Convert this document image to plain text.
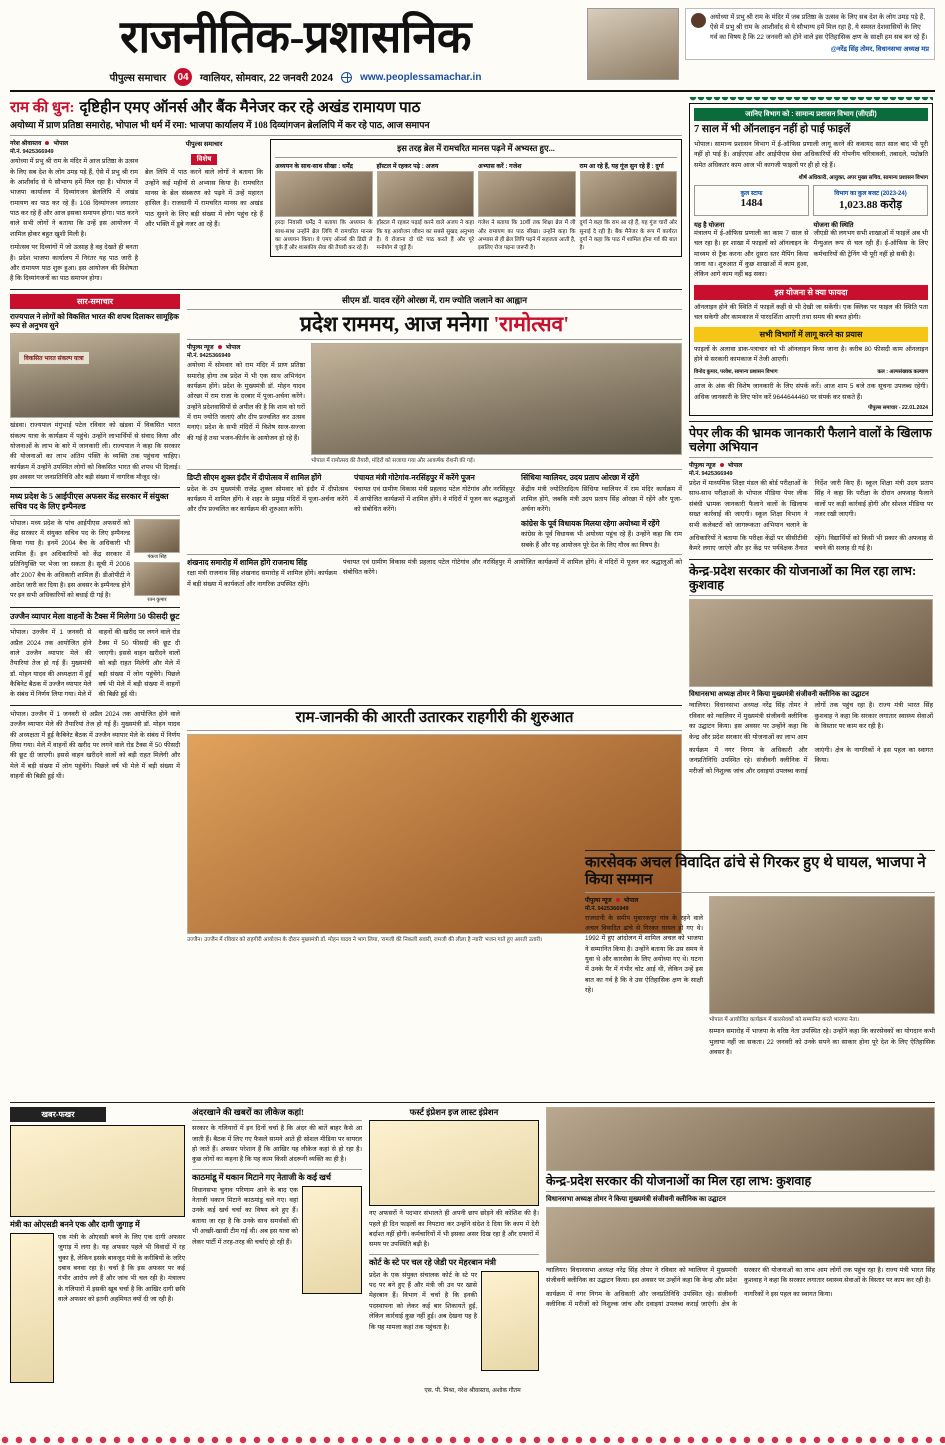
राजनीतिक-प्रशासनिक
पीपुल्स समाचार	04	ग्वालियर, सोमवार, 22 जनवरी 2024	www.peoplessamachar.in
अयोध्या में प्रभु श्री राम के मंदिर में जब प्रतिष्ठा के उत्सव के लिए सब देश के लोग उमड़ पड़े हैं, ऐसे में प्रभु श्री राम के आशीर्वाद से ये सौभाग्य हमें मिल रहा है, ये समस्त देशवासियों के लिए गर्व का विषय है कि 22 जनवरी को होने वाले इस ऐतिहासिक क्षण के साक्षी हम सब बन रहे हैं।
@नरेंद्र सिंह तोमर, विधानसभा अध्यक्ष मप्र
राम की धुन: दृष्टिहीन एमए ऑनर्स और बैंक मैनेजर कर रहे अखंड रामायण पाठ
अयोध्या में प्राण प्रतिष्ठा समारोह, भोपाल भी धर्म में रमा: भाजपा कार्यालय में 108 दिव्यांगजन ब्रेललिपि में कर रहे पाठ, आज समापन
नरेश श्रीवास्तव भोपाल
मो.नं. 9425366949
अयोध्या में प्रभु श्री राम के मंदिर में आज प्रतिष्ठा के उत्सव के लिए सब देश के लोग उमड़ पड़े हैं, ऐसे में प्रभु श्री राम के आशीर्वाद से ये सौभाग्य हमें मिल रहा है। भोपाल में भाजपा कार्यालय में दिव्यांगजन ब्रेललिपि में अखंड रामायण का पाठ कर रहे हैं। 108 दिव्यांगजन लगातार पाठ कर रहे हैं और आज इसका समापन होगा। पाठ करने वाले सभी लोगों ने बताया कि उन्हें इस आयोजन में शामिल होकर बहुत खुशी मिली है।
रामोत्सव पर दिव्यांगों में जो उत्साह है वह देखते ही बनता है। प्रदेश भाजपा कार्यालय में निरंतर यह पाठ जारी है और रामायण पाठ शुरू हुआ। इस आयोजन की विशेषता है कि दिव्यांगजनों का पाठ समापन होगा।
पीपुल्स समाचार
विशेष
ब्रेल लिपि में पाठ करने वाले लोगों ने बताया कि उन्होंने कई महीनों से अभ्यास किया है। रामचरित मानस के ब्रेल संस्करण को पढ़ने में उन्हें महारत हासिल है। राजधानी में रामचरित मानस का अखंड पाठ सुनने के लिए बड़ी संख्या में लोग पहुंच रहे हैं और भक्ति में डूबे नजर आ रहे हैं।
इस तरह ब्रेल में रामचरित मानस पढ़ने में अभ्यस्त हुए...
अध्ययन के साथ-साथ सीखा : धर्मेंद्र
हरदा निवासी धर्मेंद्र ने बताया कि अध्ययन के साथ-साथ उन्होंने ब्रेल लिपि में रामचरित मानस का अध्ययन किया। वे एमए ऑनर्स की डिग्री ले चुके हैं और शासकीय सेवा की तैयारी कर रहे हैं।
हॉस्टल में रहकर पढ़े : अजय
हॉस्टल में रहकर पढ़ाई करने वाले अजय ने कहा कि यह आयोजन जीवन का सबसे सुखद अनुभव है। वे रोजाना दो घंटे पाठ करते हैं और पूरे मनोयोग से जुड़े हैं।
अभ्यास करें : गजेश
गजेश ने बताया कि 10वीं तक शिक्षा ब्रेल में ली और रामायण का पाठ सीखा। उन्होंने कहा कि अभ्यास से ही ब्रेल लिपि पढ़ने में सहजता आती है, इसलिए रोज पढ़ना जरूरी है।
राम आ रहे हैं, यह गूंज सुन रहे हैं : दुर्गा
दुर्गा ने कहा कि राम आ रहे हैं, यह गूंज चारों ओर सुनाई दे रही है। बैंक मैनेजर के रूप में कार्यरत दुर्गा ने कहा कि पाठ में शामिल होना गर्व की बात है।
सार-समाचार
राज्यपाल ने लोगों को विकसित भारत की शपथ दिलाकर सामूहिक रूप से अनुभव सुने
विकसित भारत संकल्प यात्रा
खंडवा। राज्यपाल मंगुभाई पटेल रविवार को खंडवा में विकसित भारत संकल्प यात्रा के कार्यक्रम में पहुंचे। उन्होंने लाभार्थियों से संवाद किया और योजनाओं के लाभ के बारे में जानकारी ली। राज्यपाल ने कहा कि सरकार की योजनाओं का लाभ अंतिम पंक्ति के व्यक्ति तक पहुंचना चाहिए। कार्यक्रम में उन्होंने उपस्थित लोगों को विकसित भारत की शपथ भी दिलाई। इस अवसर पर जनप्रतिनिधि और बड़ी संख्या में नागरिक मौजूद रहे।
मध्य प्रदेश के 5 आईपीएस अफसर केंद्र सरकार में संयुक्त सचिव पद के लिए इम्पैनल्ड
भोपाल। मध्य प्रदेश के पांच आईपीएस अफसरों को केंद्र सरकार में संयुक्त सचिव पद के लिए इम्पैनल्ड किया गया है। इनमें 2004 बैच के अधिकारी भी शामिल हैं। इन अधिकारियों को केंद्र सरकार में प्रतिनियुक्ति पर भेजा जा सकता है। सूची में 2006 और 2007 बैच के अधिकारी शामिल हैं। डीओपीटी ने आदेश जारी कर दिया है। इस अवसर के इम्पैनल्ड होने पर इन सभी अधिकारियों को बधाई दी गई है।
पंकज सिंह
रतन कुमार
उज्जैन व्यापार मेला वाहनों के टैक्स में मिलेगा 50 फीसदी छूट
भोपाल। उज्जैन में 1 जनवरी से अप्रैल 2024 तक आयोजित होने वाले उज्जैन व्यापार मेले की तैयारियां तेज हो गई हैं। मुख्यमंत्री डॉ. मोहन यादव की अध्यक्षता में हुई कैबिनेट बैठक में उज्जैन व्यापार मेले के संबंध में निर्णय लिया गया। मेले में वाहनों की खरीद पर लगने वाले रोड टैक्स में 50 फीसदी की छूट दी जाएगी। इससे वाहन खरीदने वालों को बड़ी राहत मिलेगी और मेले में बड़ी संख्या में लोग पहुंचेंगे। पिछले वर्ष भी मेले में बड़ी संख्या में वाहनों की बिक्री हुई थी।
सीएम डॉ. यादव रहेंगे ओरछा में, राम ज्योति जलाने का आह्वान
प्रदेश राममय, आज मनेगा 'रामोत्सव'
पीपुल्स न्यूज भोपाल
मो.नं. 9425366949
अयोध्या में सोमवार को राम मंदिर में प्राण प्रतिष्ठा समारोह होगा तब प्रदेश में भी एक साथ अभिनंदन कार्यक्रम होंगे। प्रदेश के मुख्यमंत्री डॉ. मोहन यादव ओरछा में राम राजा के दरबार में पूजा-अर्चना करेंगे। उन्होंने प्रदेशवासियों से अपील की है कि शाम को घरों में राम ज्योति जलाएं और दीप प्रज्वलित कर उत्सव मनाएं। प्रदेश के सभी मंदिरों में विशेष साज-सज्जा की गई है तथा भजन-कीर्तन के आयोजन हो रहे हैं।
भोपाल में रामोत्सव की तैयारी, मंदिरों को सजाया गया और आकर्षक रोशनी की गई।
डिप्टी सीएम शुक्ल इंदौर में दीपोत्सव में शामिल होंगे
प्रदेश के उप मुख्यमंत्री राजेंद्र शुक्ल सोमवार को इंदौर में दीपोत्सव कार्यक्रम में शामिल होंगे। वे शहर के प्रमुख मंदिरों में पूजा-अर्चना करेंगे और दीप प्रज्वलित कर कार्यक्रम की शुरुआत करेंगे।
पंचायत मंत्री गोटेगांव-नरसिंहपुर में करेंगे पूजन
पंचायत एवं ग्रामीण विकास मंत्री प्रहलाद पटेल गोटेगांव और नरसिंहपुर में आयोजित कार्यक्रमों में शामिल होंगे। वे मंदिरों में पूजन कर श्रद्धालुओं को संबोधित करेंगे।
सिंधिया ग्वालियर, उदय प्रताप ओरछा में रहेंगे
केंद्रीय मंत्री ज्योतिरादित्य सिंधिया ग्वालियर में राम मंदिर कार्यक्रम में शामिल होंगे, जबकि मंत्री उदय प्रताप सिंह ओरछा में रहेंगे और पूजा-अर्चना करेंगे।
कांग्रेस के पूर्व विधायक मिलया रहेगा अयोध्या में रहेंगे
कांग्रेस के पूर्व विधायक भी अयोध्या पहुंच रहे हैं। उन्होंने कहा कि राम सबके हैं और यह आयोजन पूरे देश के लिए गौरव का विषय है।
शंखनाद समारोह में शामिल होंगे राजनाथ सिंह
रक्षा मंत्री राजनाथ सिंह शंखनाद समारोह में शामिल होंगे। कार्यक्रम में बड़ी संख्या में कार्यकर्ता और नागरिक उपस्थित रहेंगे।
पंचायत एवं ग्रामीण विकास मंत्री प्रहलाद पटेल गोटेगांव और नरसिंहपुर में आयोजित कार्यक्रमों में शामिल होंगे। वे मंदिरों में पूजन कर श्रद्धालुओं को संबोधित करेंगे।
भोपाल। उज्जैन में 1 जनवरी से अप्रैल 2024 तक आयोजित होने वाले उज्जैन व्यापार मेले की तैयारियां तेज हो गई हैं। मुख्यमंत्री डॉ. मोहन यादव की अध्यक्षता में हुई कैबिनेट बैठक में उज्जैन व्यापार मेले के संबंध में निर्णय लिया गया। मेले में वाहनों की खरीद पर लगने वाले रोड टैक्स में 50 फीसदी की छूट दी जाएगी। इससे वाहन खरीदने वालों को बड़ी राहत मिलेगी और मेले में बड़ी संख्या में लोग पहुंचेंगे। पिछले वर्ष भी मेले में बड़ी संख्या में वाहनों की बिक्री हुई थी।
राम-जानकी की आरती उतारकर राहगीरी की शुरुआत
उज्जैन। उज्जैन में रविवार को राहगीरी आयोजन के दौरान मुख्यमंत्री डॉ. मोहन यादव ने भाग लिया, 'रामजी की निकली सवारी, रामजी की लीला है न्यारी' भजन गाते हुए आरती उतारी।
जानिए विभाग को : सामान्य प्रशासन विभाग (जीएडी)
7 साल में भी ऑनलाइन नहीं हो पाई फाइलें
भोपाल। सामान्य प्रशासन विभाग में ई-ऑफिस प्रणाली लागू करने की कवायद सात साल बाद भी पूरी नहीं हो पाई है। आईएएस और आईपीएस सेवा अधिकारियों की गोपनीय चरित्रावली, तबादले, पदोन्नति समेत अधिकतर काम आज भी कागजी फाइलों पर ही हो रहे हैं।
शीर्ष अधिकारी, आयुक्त, अपर मुख्य सचिव, सामान्य प्रशासन विभाग
कुल स्टाफ
1484
विभाग का कुल बजट (2023-24)
1,023.88 करोड़
यह है योजना
मंत्रालय में ई-ऑफिस प्रणाली का काम 7 साल से चल रहा है। हर शाखा में फाइलों को ऑनलाइन के माध्यम से ट्रैक करना और दूसरा स्तर मैपिंग किया जाना था। शुरुआत में कुछ शाखाओं में काम हुआ, लेकिन आगे काम नहीं बढ़ सका।
योजना की स्थिति
जीएडी की लगभग सभी शाखाओं में फाइलें अब भी मैन्युअल रूप से चल रही हैं। ई-ऑफिस के लिए कर्मचारियों की ट्रेनिंग भी पूरी नहीं हो सकी है।
इस योजना से क्या फायदा
ऑनलाइन होने की स्थिति में फाइलें कहीं से भी देखी जा सकेंगी। एक क्लिक पर फाइल की स्थिति पता चल सकेगी और कामकाज में पारदर्शिता आएगी तथा समय की बचत होगी।
सभी विभागों में लागू करने का प्रयास
फाइलों के अलावा डाक-पत्राचार को भी ऑनलाइन किया जाना है। करीब 80 फीसदी काम ऑनलाइन होने से सरकारी कामकाज में तेजी आएगी।
विनोद कुमार, परवेश, सामान्य प्रशासन विभाग	कल : अल्पसंख्यक कल्याण
आज के अंक की विशेष जानकारी के लिए संपर्क करें। आज शाम 5 बजे तक सूचना उपलब्ध रहेगी। अधिक जानकारी के लिए फोन करें 9644644460 पर संपर्क कर सकते हैं।
पीपुल्स समाचार - 22.01.2024
पेपर लीक की भ्रामक जानकारी फैलाने वालों के खिलाफ चलेगा अभियान
पीपुल्स न्यूज भोपाल
मो.नं. 9425366949
प्रदेश में माध्यमिक शिक्षा मंडल की बोर्ड परीक्षाओं के साथ-साथ परीक्षाओं के भोपाल मीडिया पेपर लीक संबंधी भ्रामक जानकारी फैलाने वालों के खिलाफ सख्त कार्रवाई की जाएगी। स्कूल शिक्षा विभाग ने सभी कलेक्टरों को जागरूकता अभियान चलाने के निर्देश जारी किए हैं। स्कूल शिक्षा मंत्री उदय प्रताप सिंह ने कहा कि परीक्षा के दौरान अफवाह फैलाने वालों पर कड़ी कार्रवाई होगी और सोशल मीडिया पर नजर रखी जाएगी।
अधिकारियों ने बताया कि परीक्षा केंद्रों पर सीसीटीवी कैमरे लगाए जाएंगे और हर केंद्र पर पर्यवेक्षक तैनात रहेंगे। विद्यार्थियों को किसी भी प्रकार की अफवाह से बचने की सलाह दी गई है।
केन्द्र-प्रदेश सरकार की योजनाओं का मिल रहा लाभ: कुशवाह
विधानसभा अध्यक्ष तोमर ने किया मुख्यमंत्री संजीवनी क्लीनिक का उद्घाटन
ग्वालियर। विधानसभा अध्यक्ष नरेंद्र सिंह तोमर ने रविवार को ग्वालियर में मुख्यमंत्री संजीवनी क्लीनिक का उद्घाटन किया। इस अवसर पर उन्होंने कहा कि केन्द्र और प्रदेश सरकार की योजनाओं का लाभ आम लोगों तक पहुंच रहा है। राज्य मंत्री भारत सिंह कुशवाह ने कहा कि सरकार लगातार स्वास्थ्य सेवाओं के विस्तार पर काम कर रही है।
कार्यक्रम में नगर निगम के अधिकारी और जनप्रतिनिधि उपस्थित रहे। संजीवनी क्लीनिक में मरीजों को निशुल्क जांच और दवाइयां उपलब्ध कराई जाएंगी। क्षेत्र के नागरिकों ने इस पहल का स्वागत किया।
कारसेवक अचल विवादित ढांचे से गिरकर हुए थे घायल, भाजपा ने किया सम्मान
पीपुल्स न्यूज भोपाल
मो.नं. 9425366949
राजधानी के समीप मुबारकपुर गांव के रहने वाले अचल विवादित ढांचे से गिरकर घायल हो गए थे। 1992 में हुए आंदोलन में शामिल अचल को भाजपा ने सम्मानित किया है। उन्होंने बताया कि उस समय वे युवा थे और कारसेवा के लिए अयोध्या गए थे। घटना में उनके पैर में गंभीर चोट आई थी, लेकिन उन्हें इस बात का गर्व है कि वे उस ऐतिहासिक क्षण के साक्षी रहे।
भोपाल में आयोजित कार्यक्रम में कारसेवकों को सम्मानित करते भाजपा नेता।
सम्मान समारोह में भाजपा के वरिष्ठ नेता उपस्थित रहे। उन्होंने कहा कि कारसेवकों का योगदान कभी भुलाया नहीं जा सकता। 22 जनवरी को उनके सपने का साकार होना पूरे देश के लिए ऐतिहासिक अवसर है।
खबर-फखर
मंत्री का ओएसडी बनने एक और दागी जुगाड़ में
एक मंत्री के ओएसडी बनने के लिए एक दागी अफसर जुगाड़ में लगा है। यह अफसर पहले भी विवादों में रह चुका है, लेकिन इसके बावजूद मंत्री के करीबियों के जरिए दबाव बनवा रहा है। चर्चा है कि इस अफसर पर कई गंभीर आरोप लगे हैं और जांच भी चल रही है। मंत्रालय के गलियारों में इसकी खूब चर्चा है कि आखिर दागी छवि वाले अफसर को इतनी अहमियत क्यों दी जा रही है।
अंदरखाने की खबरों का लीकेज कहां!
सरकार के गलियारों में इन दिनों चर्चा है कि अंदर की बातें बाहर कैसे आ जाती हैं। बैठक में लिए गए फैसले सामने आते ही सोशल मीडिया पर वायरल हो जाते हैं। अफसर परेशान हैं कि आखिर यह लीकेज कहां से हो रहा है। कुछ लोगों का कहना है कि यह काम किसी अंदरूनी व्यक्ति का ही है।
काठमांडू में थकान मिटाने गए नेताजी के कई खर्च
विधानसभा चुनाव परिणाम आने के बाद एक नेताजी थकान मिटाने काठमांडू चले गए। वहां उनके कई खर्च चर्चा का विषय बने हुए हैं। बताया जा रहा है कि उनके साथ समर्थकों की भी अच्छी-खासी टीम गई थी। अब इस यात्रा को लेकर पार्टी में तरह-तरह की चर्चाएं हो रही हैं।
फर्स्ट इंप्रेशन इज लास्ट इंप्रेशन
नए अफसरों ने पदभार संभालते ही अपनी छाप छोड़ने की कोशिश की है। पहले ही दिन फाइलों का निपटारा कर उन्होंने संदेश दे दिया कि काम में देरी बर्दाश्त नहीं होगी। कर्मचारियों में भी इसका असर दिख रहा है और दफ्तरों में समय पर उपस्थिति बढ़ी है।
कोर्ट के स्टे पर चल रहे जेडी पर मेहरबान मंत्री
प्रदेश के एक संयुक्त संचालक कोर्ट के स्टे पर पद पर बने हुए हैं और मंत्री जी उन पर खासे मेहरबान हैं। विभाग में चर्चा है कि इनकी पदस्थापना को लेकर कई बार शिकायतें हुईं, लेकिन कार्रवाई कुछ नहीं हुई। अब देखना यह है कि यह मामला कहां तक पहुंचता है।
केन्द्र-प्रदेश सरकार की योजनाओं का मिल रहा लाभ: कुशवाह
विधानसभा अध्यक्ष तोमर ने किया मुख्यमंत्री संजीवनी क्लीनिक का उद्घाटन
ग्वालियर। विधानसभा अध्यक्ष नरेंद्र सिंह तोमर ने रविवार को ग्वालियर में मुख्यमंत्री संजीवनी क्लीनिक का उद्घाटन किया। इस अवसर पर उन्होंने कहा कि केन्द्र और प्रदेश सरकार की योजनाओं का लाभ आम लोगों तक पहुंच रहा है। राज्य मंत्री भारत सिंह कुशवाह ने कहा कि सरकार लगातार स्वास्थ्य सेवाओं के विस्तार पर काम कर रही है।
कार्यक्रम में नगर निगम के अधिकारी और जनप्रतिनिधि उपस्थित रहे। संजीवनी क्लीनिक में मरीजों को निशुल्क जांच और दवाइयां उपलब्ध कराई जाएंगी। क्षेत्र के नागरिकों ने इस पहल का स्वागत किया।
एस. पी. मिश्रा, नरेश श्रीवास्तव, अशोक गौतम
